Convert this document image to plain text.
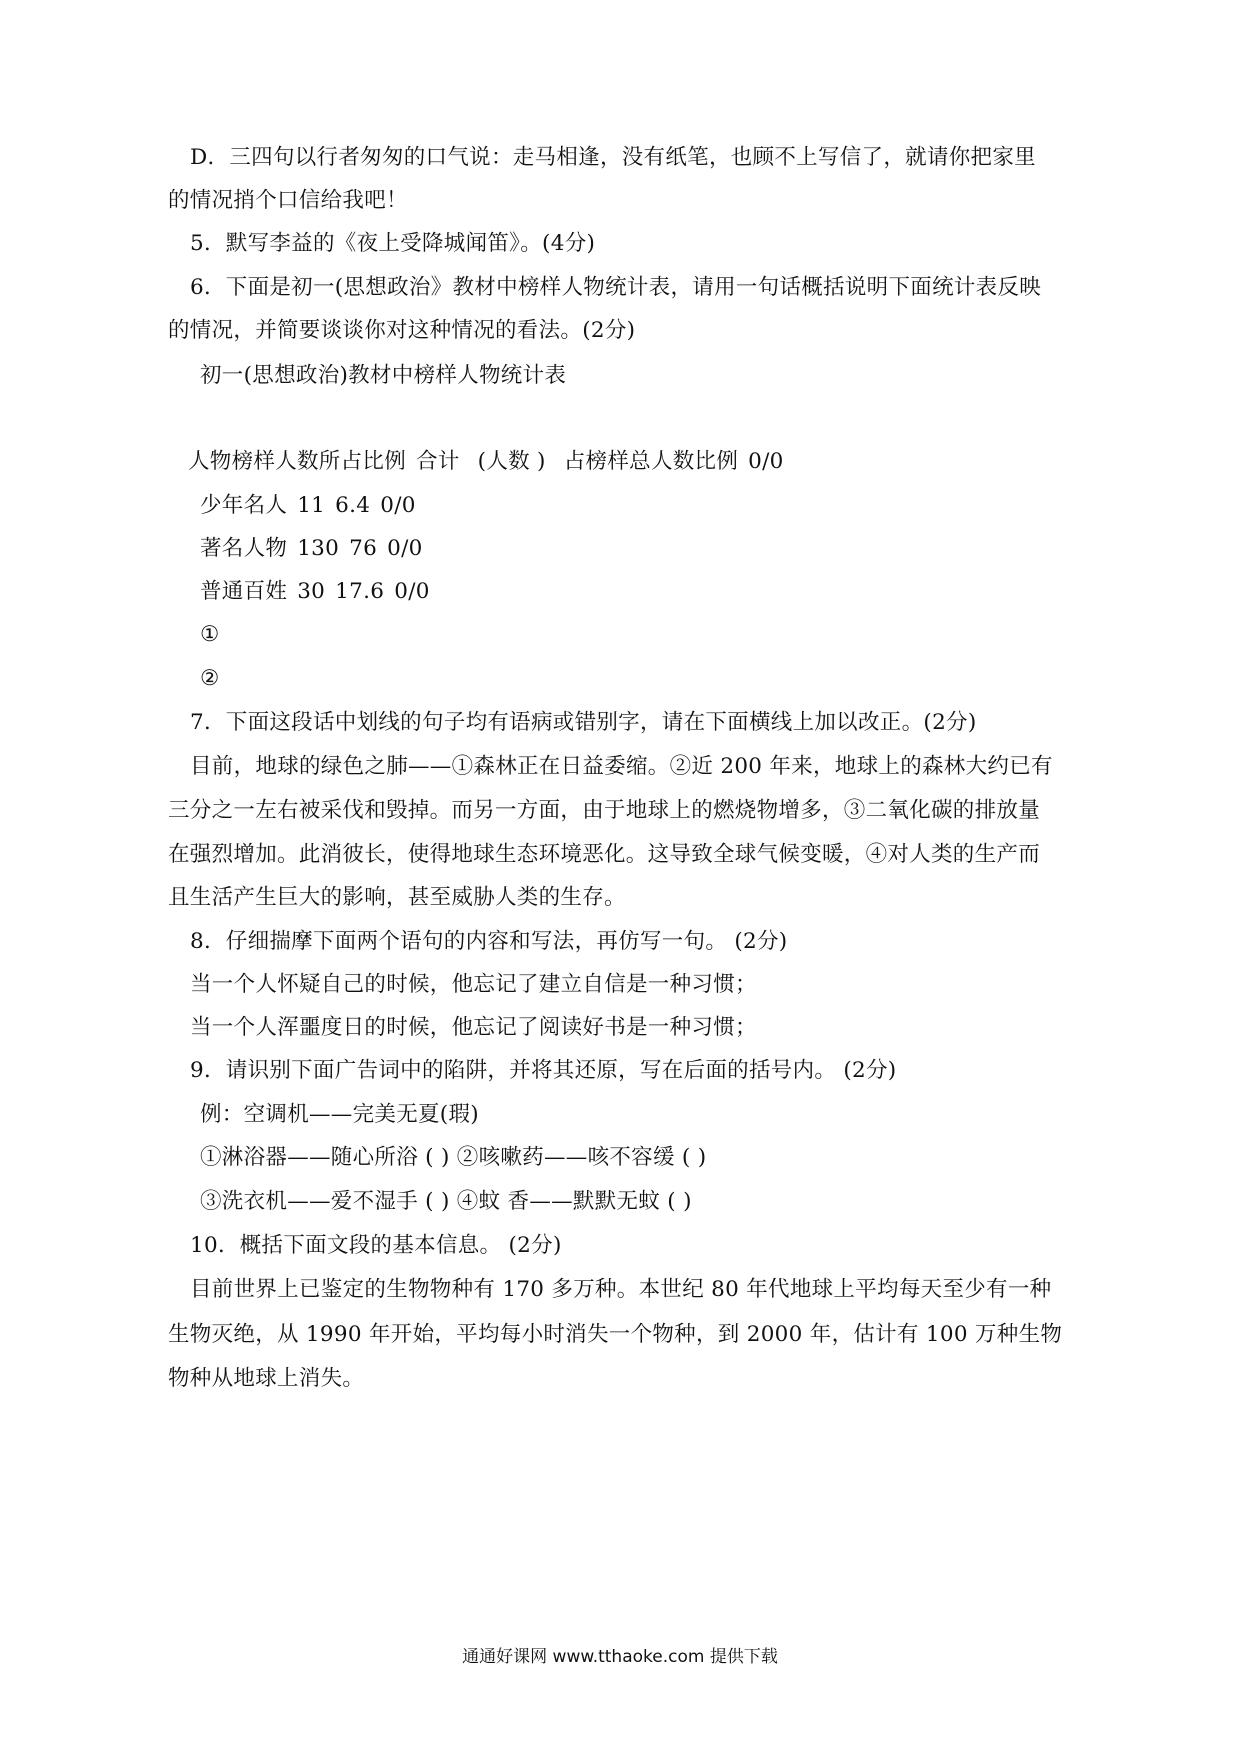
D．三四句以行者匆匆的口气说：走马相逢，没有纸笔，也顾不上写信了，就请你把家里
的情况捎个口信给我吧！
5．默写李益的《夜上受降城闻笛》。(4分)
6．下面是初一(思想政治》教材中榜样人物统计表，请用一句话概括说明下面统计表反映
的情况，并简要谈谈你对这种情况的看法。(2分)
初一(思想政治)教材中榜样人物统计表
人物榜样人数所占比例 合计 (人数 ) 占榜样总人数比例 0/0
少年名人 11 6.4 0/0
著名人物 130 76 0/0
普通百姓 30 17.6 0/0
①
②
7．下面这段话中划线的句子均有语病或错别字，请在下面横线上加以改正。(2分)
目前，地球的绿色之肺——①森林正在日益委缩。②近 200 年来，地球上的森林大约已有
三分之一左右被采伐和毁掉。而另一方面，由于地球上的燃烧物增多，③二氧化碳的排放量
在强烈增加。此消彼长，使得地球生态环境恶化。这导致全球气候变暖，④对人类的生产而
且生活产生巨大的影响，甚至威胁人类的生存。
8．仔细揣摩下面两个语句的内容和写法，再仿写一句。 (2分)
当一个人怀疑自己的时候，他忘记了建立自信是一种习惯；
当一个人浑噩度日的时候，他忘记了阅读好书是一种习惯；
9．请识别下面广告词中的陷阱，并将其还原，写在后面的括号内。 (2分)
例：空调机——完美无夏(瑕)
①淋浴器——随心所浴 ( ) ②咳嗽药——咳不容缓 ( )
③洗衣机——爱不湿手 ( ) ④蚊 香——默默无蚊 ( )
10．概括下面文段的基本信息。 (2分)
目前世界上已鉴定的生物物种有 170 多万种。本世纪 80 年代地球上平均每天至少有一种
生物灭绝，从 1990 年开始，平均每小时消失一个物种，到 2000 年，估计有 100 万种生物
物种从地球上消失。
通通好课网 www.tthaoke.com 提供下载
